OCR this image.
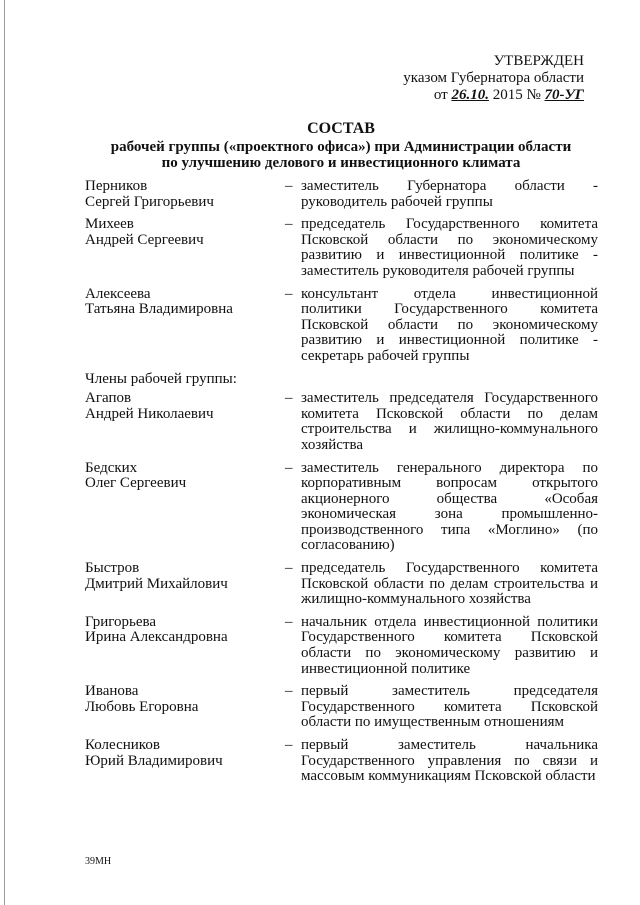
УТВЕРЖДЕН
указом Губернатора области
от 26.10. 2015 № 70-УГ
СОСТАВ
рабочей группы («проектного офиса») при Администрации области
по улучшению делового и инвестиционного климата
Перников
Сергей Григорьевич
– заместитель Губернатора области - руководитель рабочей группы
Михеев
Андрей Сергеевич
– председатель Государственного комитета Псковской области по экономическому развитию и инвестиционной политике - заместитель руководителя рабочей группы
Алексеева
Татьяна Владимировна
– консультант отдела инвестиционной политики Государственного комитета Псковской области по экономическому развитию и инвестиционной политике - секретарь рабочей группы
Члены рабочей группы:
Агапов
Андрей Николаевич
– заместитель председателя Государственного комитета Псковской области по делам строительства и жилищно-коммунального хозяйства
Бедских
Олег Сергеевич
– заместитель генерального директора по корпоративным вопросам открытого акционерного общества «Особая экономическая зона промышленно-производственного типа «Моглино» (по согласованию)
Быстров
Дмитрий Михайлович
– председатель Государственного комитета Псковской области по делам строительства и жилищно-коммунального хозяйства
Григорьева
Ирина Александровна
– начальник отдела инвестиционной политики Государственного комитета Псковской области по экономическому развитию и инвестиционной политике
Иванова
Любовь Егоровна
– первый заместитель председателя Государственного комитета Псковской области по имущественным отношениям
Колесников
Юрий Владимирович
– первый заместитель начальника Государственного управления по связи и массовым коммуникациям Псковской области
39МН
